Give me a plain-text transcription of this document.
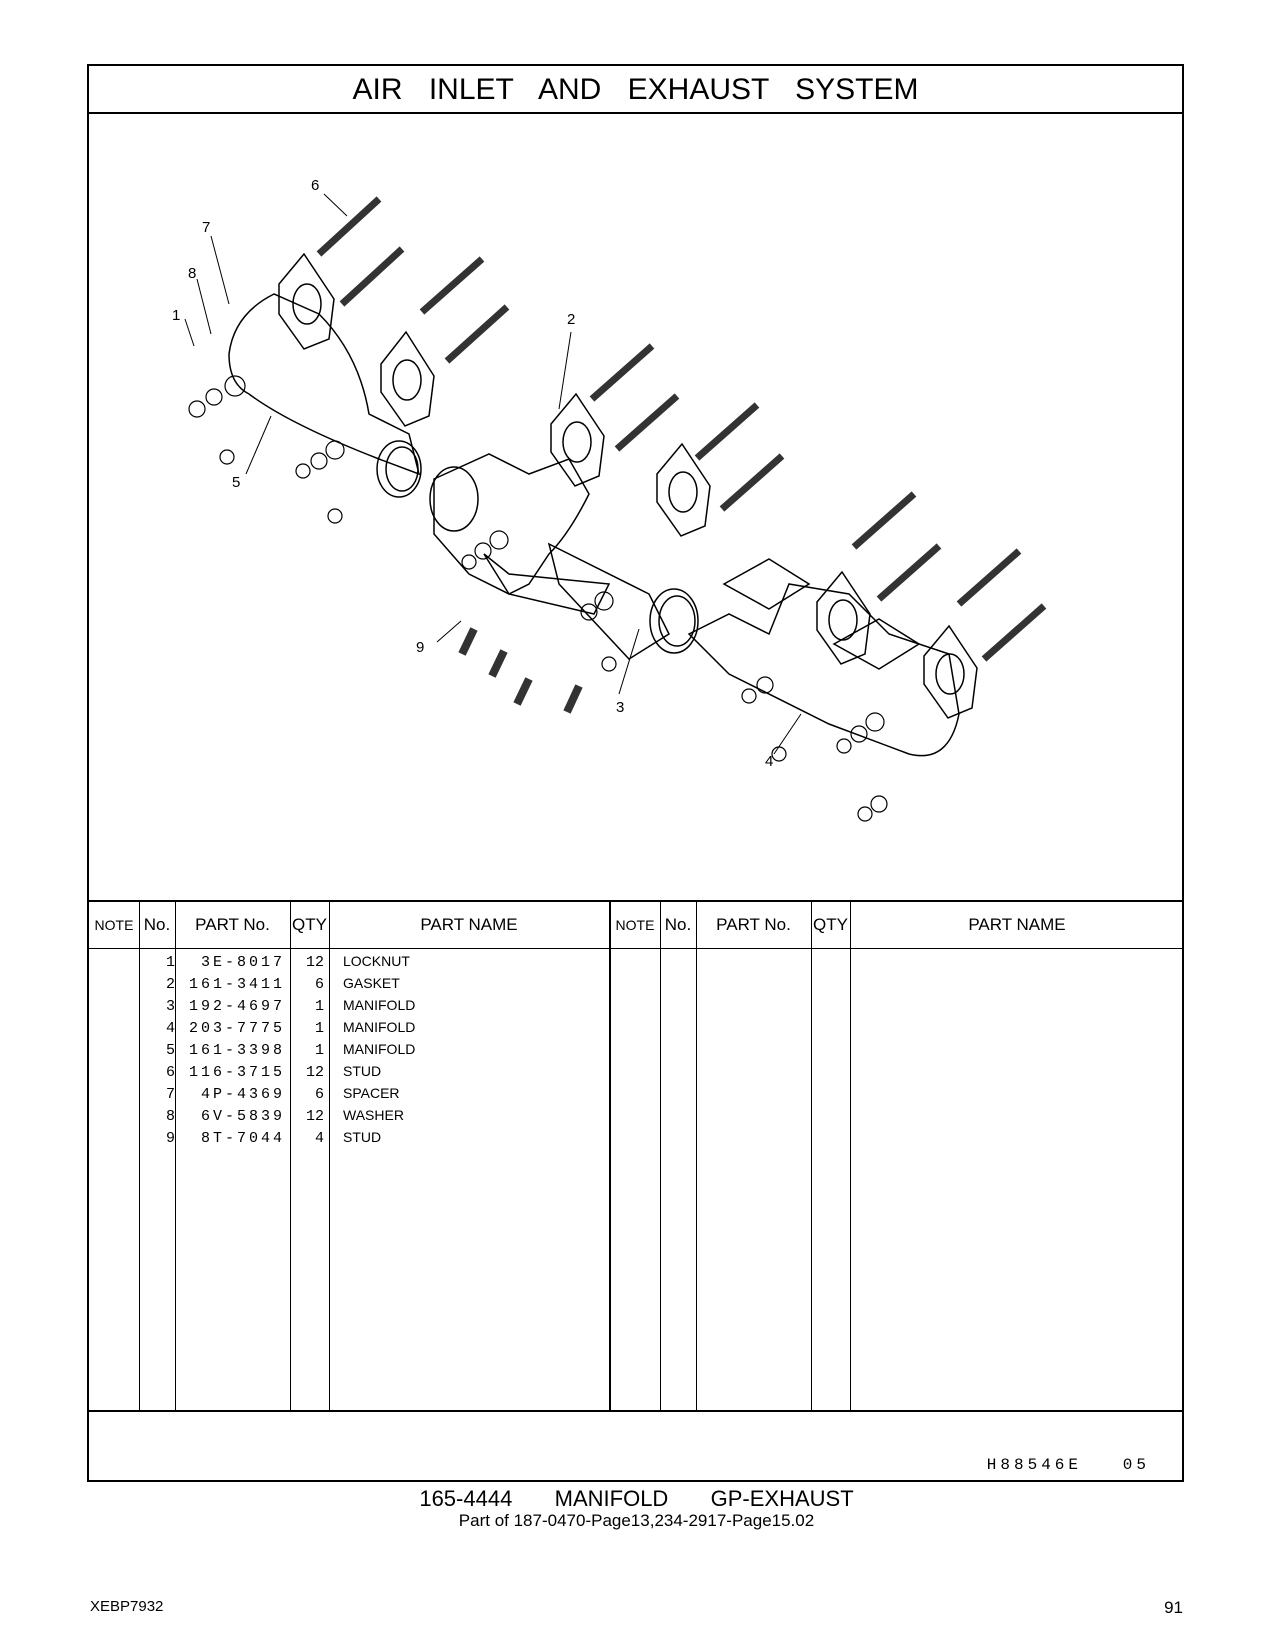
AIR INLET AND EXHAUST SYSTEM
6
7
8
1	2
5
9
3
4
NOTE No.	PART No.	QTY	PART NAME	NOTE No.	PART No.	QTY	PART NAME
1	3E-8017	12 LOCKNUT
2 161-3411	6 GASKET
3 192-4697	1 MANIFOLD
4 203-7775	1 MANIFOLD
5 161-3398	1 MANIFOLD
6 116-3715	12 STUD
7	4P-4369	6 SPACER
8	6V-5839	12 WASHER
9	8T-7044	4 STUD
H88546E   05
165-4444   MANIFOLD   GP-EXHAUST
Part of 187-0470-Page13,234-2917-Page15.02
XEBP7932	91
